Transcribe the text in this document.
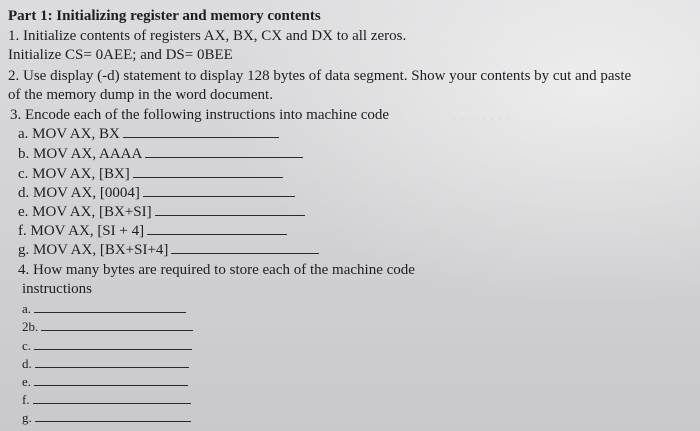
· · · · · · · ·
Part 1: Initializing register and memory contents
1. Initialize contents of registers AX, BX, CX and DX to all zeros.
Initialize CS= 0AEE; and DS= 0BEE
2. Use display (-d) statement to display 128 bytes of data segment. Show your contents by cut and paste
of the memory dump in the word document.
3. Encode each of the following instructions into machine code
a. MOV AX, BX
b. MOV AX, AAAA
c. MOV AX, [BX]
d. MOV AX, [0004]
e. MOV AX, [BX+SI]
f. MOV AX, [SI + 4]
g. MOV AX, [BX+SI+4]
4. How many bytes are required to store each of the machine code
instructions
a.
2b.
c.
d.
e.
f.
g.
